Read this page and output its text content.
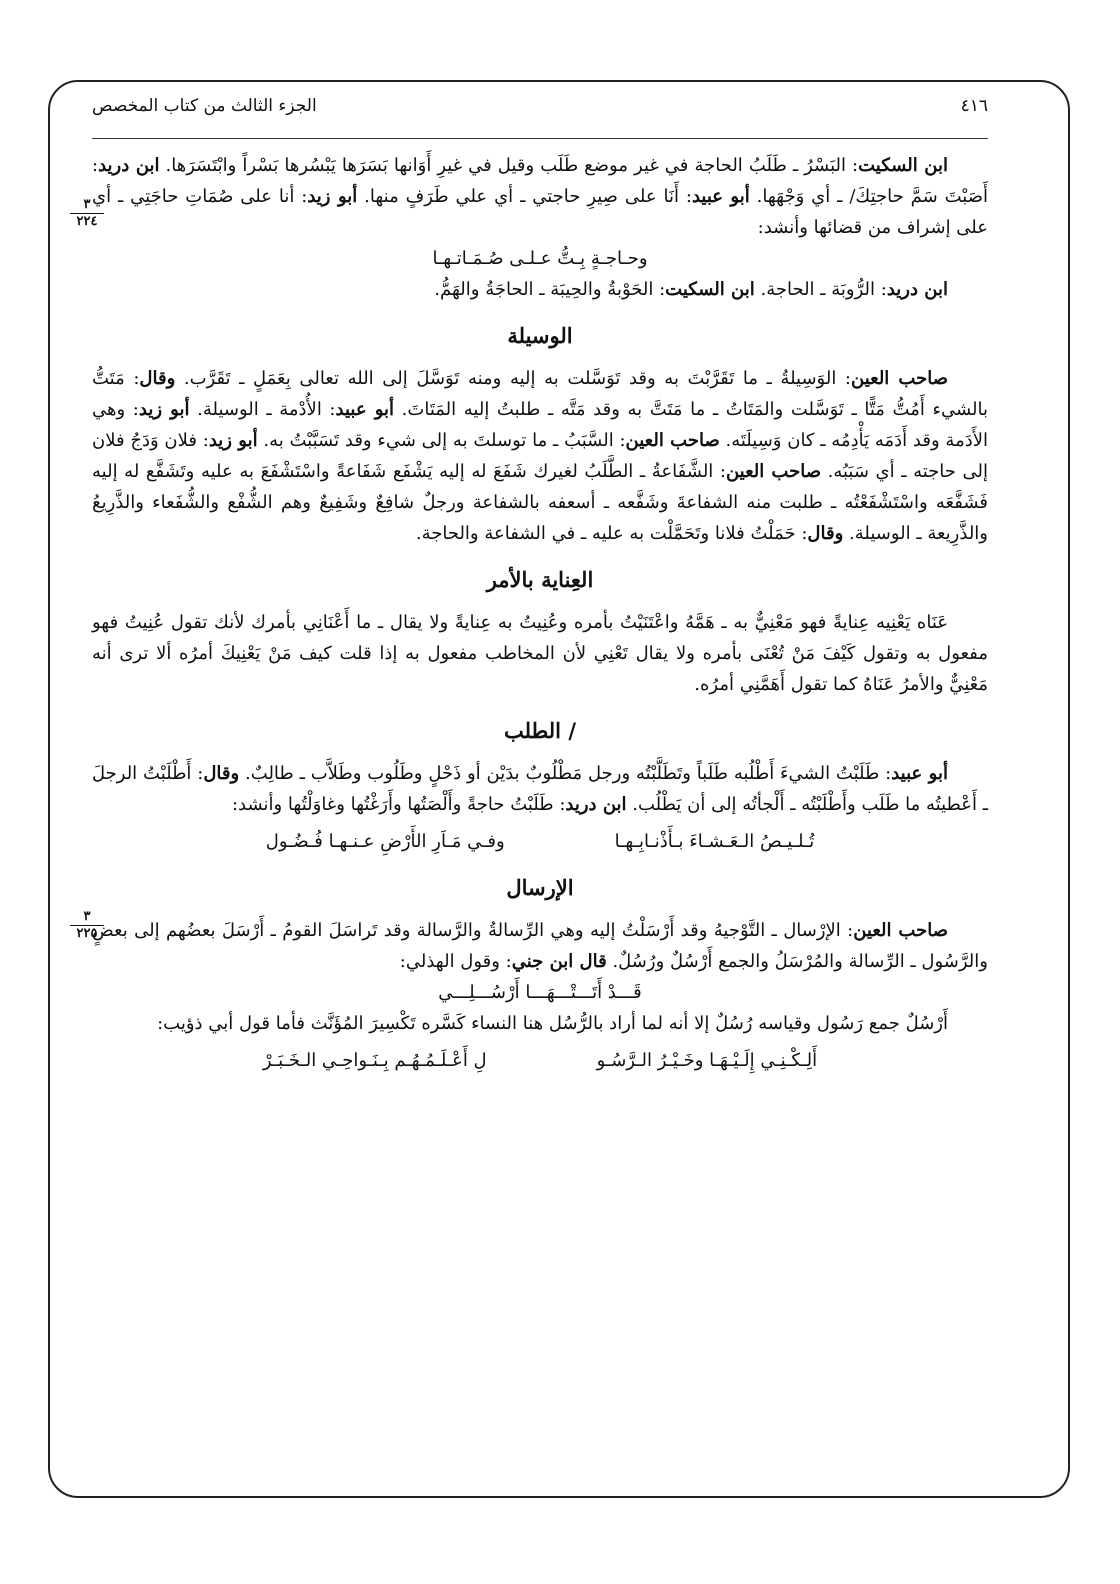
٤١٦
الجزء الثالث من كتاب المخصص
٣
٢٢٤
٣
٢٢٥

ابن السكيت: البَسْرُ ـ طَلَبُ الحاجة في غير موضع طَلَب وقيل في غيرِ أَوَانها بَسَرَها يَبْسُرها بَسْراً وابْتَسَرَها. ابن دريد: أَصَبْتَ سَمَّ حاجتِكَ/ ـ أي وَجْهَها. أبو عبيد: أَنَا على صِيرِ حاجتي ـ أي علي طَرَفٍ منها. أبو زيد: أنا على صُمَاتِ حاجَتِي ـ أي على إشراف من قضائها وأنشد:

وحـاجـةٍ بِـتُّ عـلـى صُـمَـاتـهـا

ابن دريد: الرُّوبَة ـ الحاجة. ابن السكيت: الحَوْبةُ والحِيبَة ـ الحاجَةُ والهَمُّ.

الوسيلة

صاحب العين: الوَسِيلةُ ـ ما تَقَرَّبْتَ به وقد تَوَسَّلت به إليه ومنه تَوَسَّلَ إلى الله تعالى بِعَمَلٍ ـ تَقَرَّب. وقال: مَتَتُّ بالشيء أَمُتُّ مَتًّا ـ تَوَسَّلت والمَتَاتُ ـ ما مَتَتَّ به وقد مَتَّه ـ طلبتُ إليه المَتَاتَ. أبو عبيد: الأُدْمة ـ الوسيلة. أبو زيد: وهي الأَدَمة وقد أَدَمَه يَأْدِمُه ـ كان وَسِيلَتَه. صاحب العين: السَّبَبُ ـ ما توسلتَ به إلى شيء وقد تَسَبَّبْتُ به. أبو زيد: فلان وَدَجُ فلان إلى حاجته ـ أي سَبَبُه. صاحب العين: الشَّفَاعةُ ـ الطَّلَبُ لغيرك شَفَعَ له إليه يَشْفَع شَفَاعةً واسْتَشْفَعَ به عليه وتَشَفَّع له إليه فَشَفَّعَه واسْتَشْفَعْتُه ـ طلبت منه الشفاعةَ وشَفَّعه ـ أسعفه بالشفاعة ورجلٌ شافِعٌ وشَفِيعٌ وهم الشُّفْع والشُّفَعاء والذَّرِيعُ والذَّرِيعة ـ الوسيلة. وقال: حَمَلْتُ فلانا وتَحَمَّلْت به عليه ـ في الشفاعة والحاجة.

العِناية بالأمر

عَنَاه يَعْنِيه عِنايةً فهو مَعْنِيٌّ به ـ هَمَّهُ واعْتَنَيْتُ بأمره وعُنِيتُ به عِنايةً ولا يقال ـ ما أَعْنَانِي بأمرك لأنك تقول عُنِيتُ فهو مفعول به وتقول كَيْفَ مَنْ تُعْنَى بأمره ولا يقال تَعْنِي لأن المخاطب مفعول به إذا قلت كيف مَنْ يَعْنِيكَ أمرُه ألا ترى أنه مَعْنِيٌّ والأمرُ عَنَاهُ كما تقول أَهَمَّنِي أمرُه.

/ الطلب

أبو عبيد: طَلَبْتُ الشيءَ أَطْلُبه طَلَباً وتَطَلَّبْتُه ورجل مَطْلُوبٌ بدَيْن أو ذَحْلٍ وطَلُوب وطَلاَّب ـ طالِبٌ. وقال: أَطْلَبْتُ الرجلَ ـ أَعْطيتُه ما طَلَب وأَطْلَبْتُه ـ أَلْجأتُه إلى أن يَطْلُب. ابن دريد: طَلَبْتُ حاجةً وأَلْصَتُها وأَرَغْتُها وغاوَلْتُها وأنشد:

تُـلـيـصُ الـعَـشـاءَ بـأَذْنـابِـهـا
وفـي مَـاَرِ الأَرْضِ عـنـهـا فُـضُـول
الإرسال

صاحب العين: الإرْسال ـ التَّوْجيهُ وقد أَرْسَلْتُ إليه وهي الرِّسالةُ والرَّسالة وقد تَراسَلَ القومُ ـ أَرْسَلَ بعضُهم إلى بعضٍ والرَّسُول ـ الرِّسالة والمُرْسَلُ والجمع أَرْسُلٌ ورُسُلٌ. قال ابن جني: وقول الهذلي:

قَـــدْ أَتَـــتْـــهَـــا أَرْسُـــلِـــي

أَرْسُلٌ جمع رَسُول وقياسه رُسُلٌ إلا أنه لما أراد بالرُّسُل هنا النساء كَسَّره تَكْسِيرَ المُؤَنَّث فأما قول أبي ذؤيب:

أَلِـكْـنِـي إِلَـيْـهَـا وخَـيْـرُ الـرَّسُـو
لِ أَعْـلَـمُـهُـم بِـنَـواحِـي الـخَـبَـرْ
